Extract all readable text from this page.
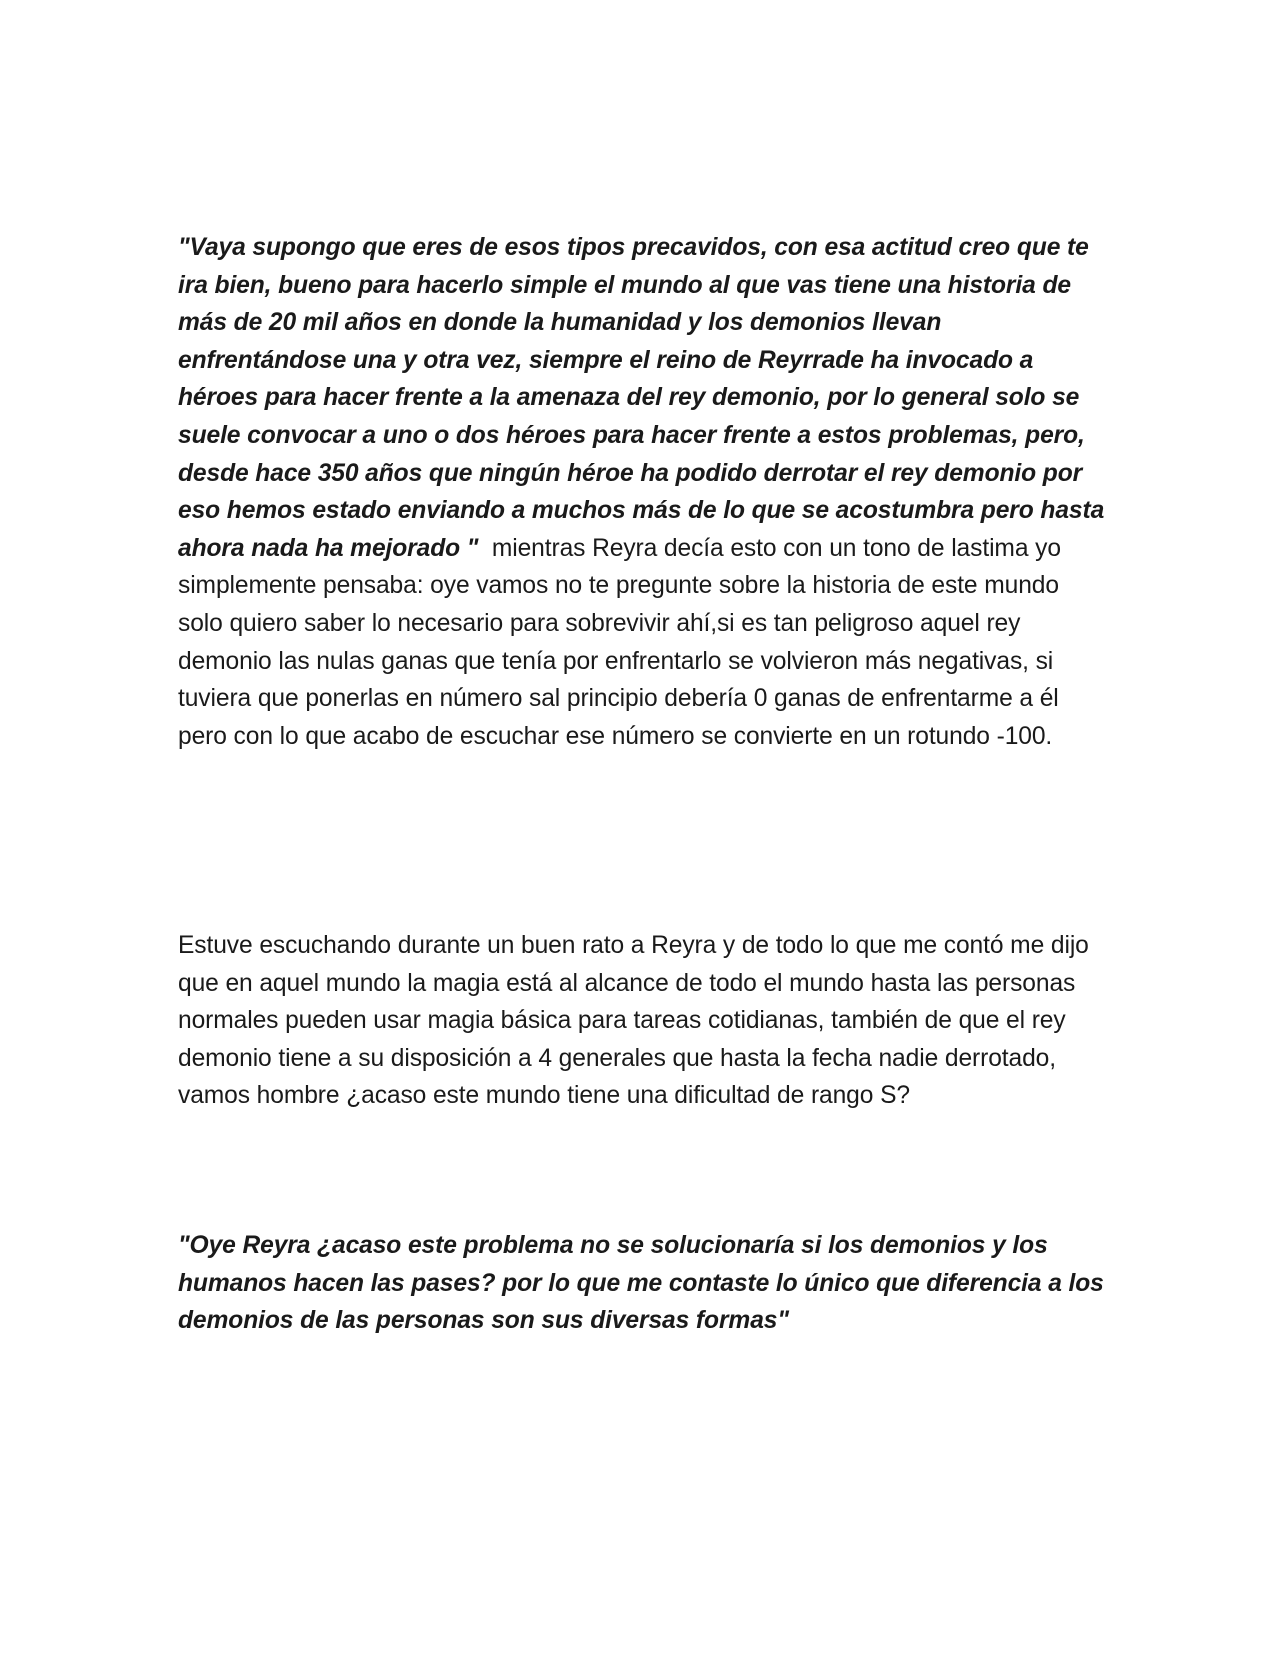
"Vaya supongo que eres de esos tipos precavidos, con esa actitud creo que te ira bien, bueno para hacerlo simple el mundo al que vas tiene una historia de más de 20 mil años en donde la humanidad y los demonios llevan enfrentándose una y otra vez, siempre el reino de Reyrrade ha invocado a héroes para hacer frente a la amenaza del rey demonio, por lo general solo se suele convocar a uno o dos héroes para hacer frente a estos problemas, pero, desde hace 350 años que ningún héroe ha podido derrotar el rey demonio por eso hemos estado enviando a muchos más de lo que se acostumbra pero hasta ahora nada ha mejorado " mientras Reyra decía esto con un tono de lastima yo simplemente pensaba: oye vamos no te pregunte sobre la historia de este mundo solo quiero saber lo necesario para sobrevivir ahí,si es tan peligroso aquel rey demonio las nulas ganas que tenía por enfrentarlo se volvieron más negativas, si tuviera que ponerlas en número sal principio debería 0 ganas de enfrentarme a él pero con lo que acabo de escuchar ese número se convierte en un rotundo -100.

Estuve escuchando durante un buen rato a Reyra y de todo lo que me contó me dijo que en aquel mundo la magia está al alcance de todo el mundo hasta las personas normales pueden usar magia básica para tareas cotidianas, también de que el rey demonio tiene a su disposición a 4 generales que hasta la fecha nadie derrotado, vamos hombre ¿acaso este mundo tiene una dificultad de rango S?

"Oye Reyra ¿acaso este problema no se solucionaría si los demonios y los humanos hacen las pases? por lo que me contaste lo único que diferencia a los demonios de las personas son sus diversas formas"
